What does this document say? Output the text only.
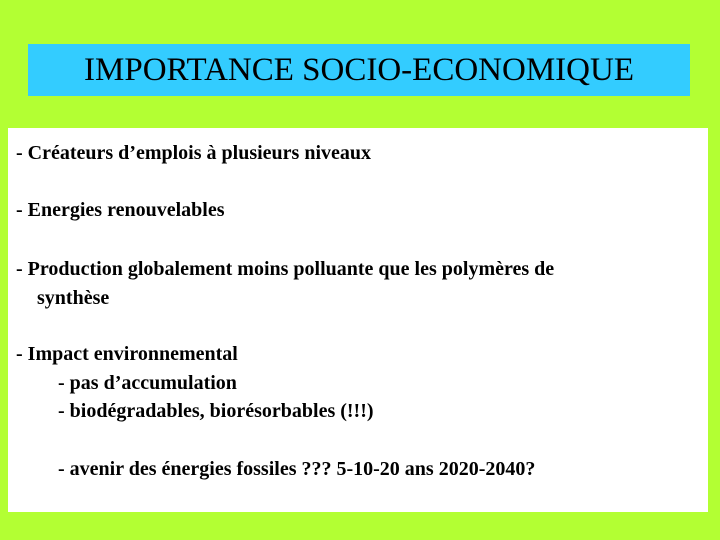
IMPORTANCE SOCIO-ECONOMIQUE
- Créateurs d’emplois à plusieurs niveaux
- Energies renouvelables
- Production globalement moins polluante que les polymères de
synthèse
- Impact environnemental
- pas d’accumulation
- biodégradables, biorésorbables (!!!)
- avenir des énergies fossiles ??? 5-10-20 ans 2020-2040?
